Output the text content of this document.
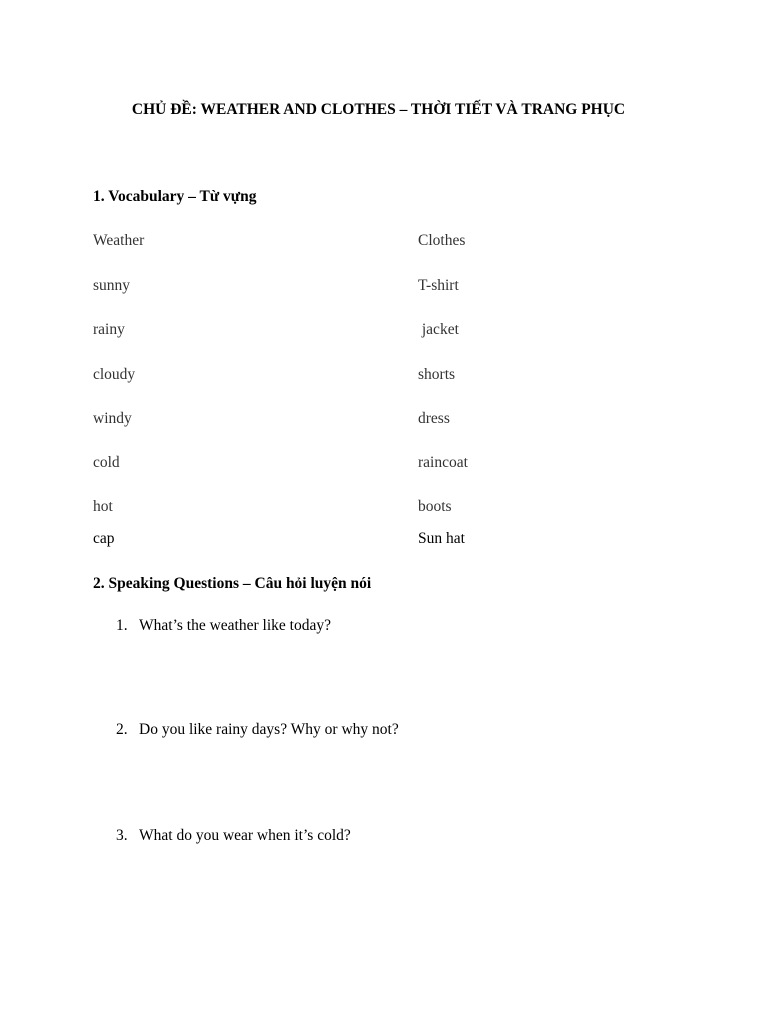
CHỦ ĐỀ: WEATHER AND CLOTHES – THỜI TIẾT VÀ TRANG PHỤC
1. Vocabulary – Từ vựng
Weather	Clothes
sunny	T-shirt
rainy	jacket
cloudy	shorts
windy	dress
cold	raincoat
hot	boots
cap	Sun hat
2. Speaking Questions – Câu hỏi luyện nói
1. What’s the weather like today?
2. Do you like rainy days? Why or why not?
3. What do you wear when it’s cold?
